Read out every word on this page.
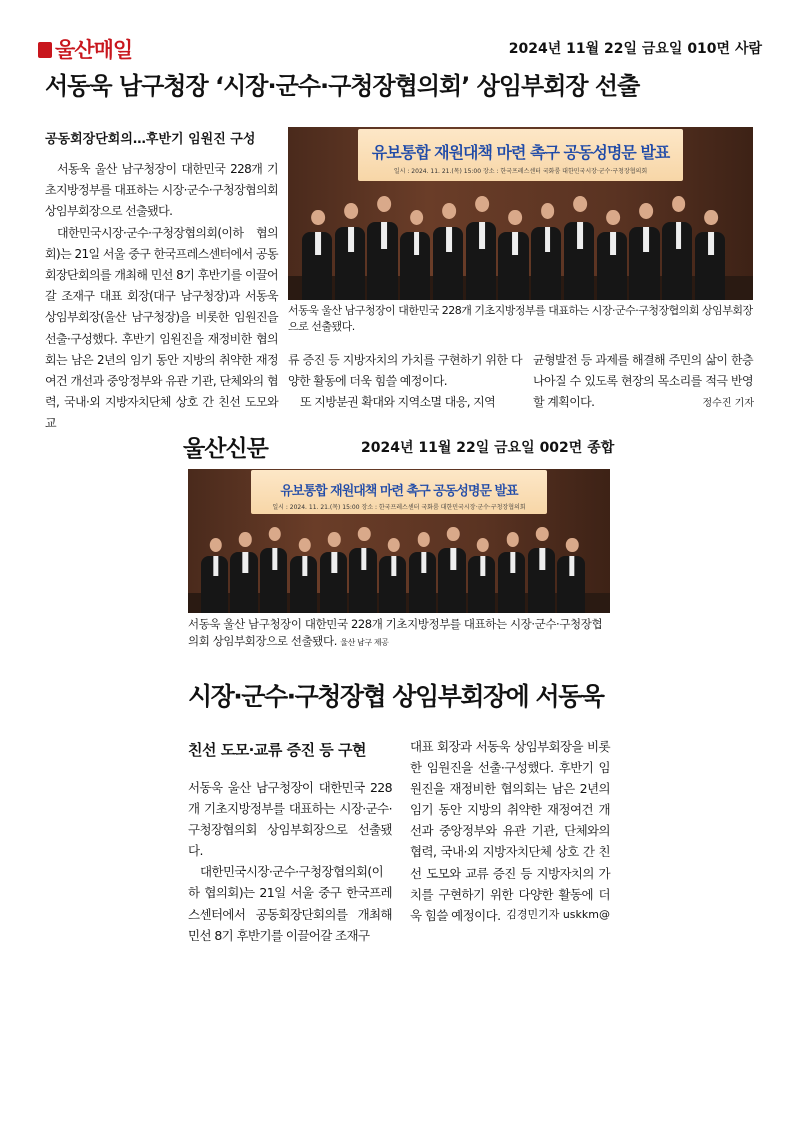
울산매일	2024년 11월 22일 금요일 010면 사람
서동욱 남구청장 ‘시장·군수·구청장협의회’ 상임부회장 선출
공동회장단회의…후반기 임원진 구성
서동욱 울산 남구청장이 대한민국 228개 기초지방정부를 대표하는 시장·군수·구청장협의회 상임부회장으로 선출됐다.
대한민국시장·군수·구청장협의회(이하 협의회)는 21일 서울 중구 한국프레스센터에서 공동회장단회의를 개최해 민선 8기 후반기를 이끌어갈 조재구 대표 회장(대구 남구청장)과 서동욱 상임부회장(울산 남구청장)을 비롯한 임원진을 선출·구성했다. 후반기 임원진을 재정비한 협의회는 남은 2년의 임기 동안 지방의 취약한 재정여건 개선과 중앙정부와 유관 기관, 단체와의 협력, 국내·외 지방자치단체 상호 간 친선 도모와 교
유보통합 재원대책 마련 촉구 공동성명문 발표
일시 : 2024. 11. 21.(목) 15:00 장소 : 한국프레스센터 국화룸 대한민국시장·군수·구청장협의회
서동욱 울산 남구청장이 대한민국 228개 기초지방정부를 대표하는 시장·군수·구청장협의회 상임부회장으로 선출됐다.
류 증진 등 지방자치의 가치를 구현하기 위한 다양한 활동에 더욱 힘쓸 예정이다.
또 지방분권 확대와 지역소멸 대응, 지역
균형발전 등 과제를 해결해 주민의 삶이 한층 나아질 수 있도록 현장의 목소리를 적극 반영할 계획이다.	정수진 기자
울산신문	2024년 11월 22일 금요일 002면 종합
유보통합 재원대책 마련 촉구 공동성명문 발표
일시 : 2024. 11. 21.(목) 15:00 장소 : 한국프레스센터 국화룸 대한민국시장·군수·구청장협의회
서동욱 울산 남구청장이 대한민국 228개 기초지방정부를 대표하는 시장·군수·구청장협의회 상임부회장으로 선출됐다. 울산 남구 제공
시장·군수·구청장협 상임부회장에 서동욱
친선 도모·교류 증진 등 구현
서동욱 울산 남구청장이 대한민국 228개 기초지방정부를 대표하는 시장·군수·구청장협의회 상임부회장으로 선출됐다.
대한민국시장·군수·구청장협의회(이하 협의회)는 21일 서울 중구 한국프레스센터에서 공동회장단회의를 개최해 민선 8기 후반기를 이끌어갈 조재구
대표 회장과 서동욱 상임부회장을 비롯한 임원진을 선출·구성했다. 후반기 임원진을 재정비한 협의회는 남은 2년의 임기 동안 지방의 취약한 재정여건 개선과 중앙정부와 유관 기관, 단체와의 협력, 국내·외 지방자치단체 상호 간 친선 도모와 교류 증진 등 지방자치의 가치를 구현하기 위한 다양한 활동에 더욱 힘쓸 예정이다. 김경민기자 uskkm@
